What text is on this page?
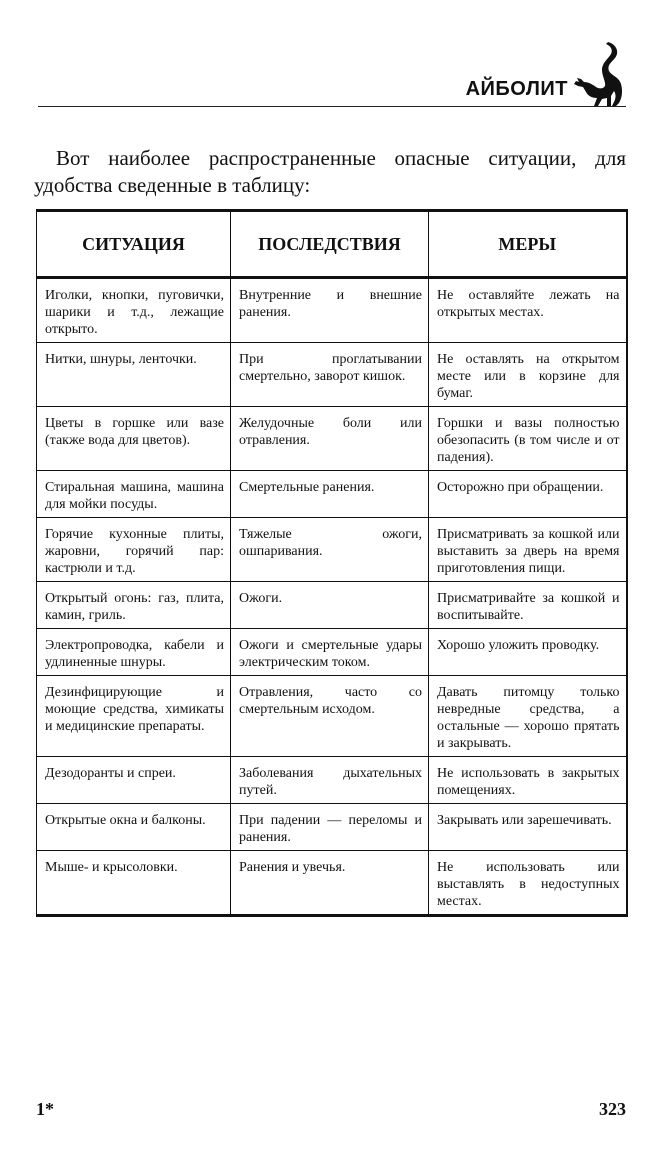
АЙБОЛИТ

Вот наиболее распространенные опасные ситуации, для удобства сведенные в таблицу:

СИТУАЦИЯ	ПОСЛЕДСТВИЯ	МЕРЫ
Иголки, кнопки, пуговички, шарики и т.д., лежащие открыто.	Внутренние и внешние ранения.	Не оставляйте лежать на открытых местах.
Нитки, шнуры, ленточки.	При проглатывании смертельно, заворот кишок.	Не оставлять на открытом месте или в корзине для бумаг.
Цветы в горшке или вазе (также вода для цветов).	Желудочные боли или отравления.	Горшки и вазы полностью обезопасить (в том числе и от падения).
Стиральная машина, машина для мойки посуды.	Смертельные ранения.	Осторожно при обращении.
Горячие кухонные плиты, жаровни, горячий пар: кастрюли и т.д.	Тяжелые ожоги, ошпаривания.	Присматривать за кошкой или выставить за дверь на время приготовления пищи.
Открытый огонь: газ, плита, камин, гриль.	Ожоги.	Присматривайте за кошкой и воспитывайте.
Электропроводка, кабели и удлиненные шнуры.	Ожоги и смертельные удары электрическим током.	Хорошо уложить проводку.
Дезинфицирующие и моющие средства, химикаты и медицинские препараты.	Отравления, часто со смертельным исходом.	Давать питомцу только невредные средства, а остальные — хорошо прятать и закрывать.
Дезодоранты и спреи.	Заболевания дыхательных путей.	Не использовать в закрытых помещениях.
Открытые окна и балконы.	При падении — переломы и ранения.	Закрывать или зарешечивать.
Мыше- и крысоловки.	Ранения и увечья.	Не использовать или выставлять в недоступных местах.
1*	323
